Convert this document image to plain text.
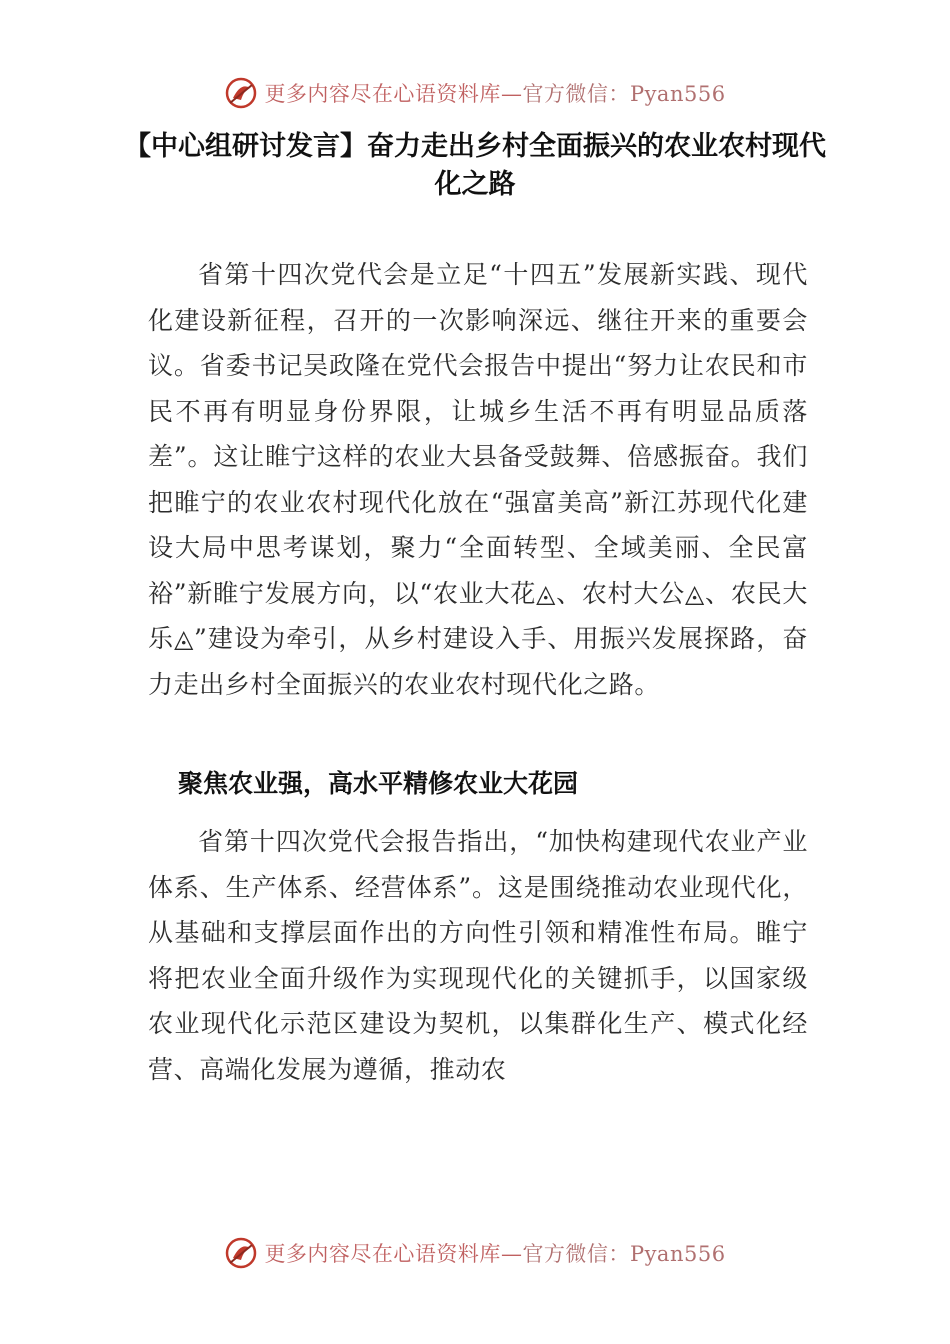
更多内容尽在心语资料库—官方微信：Pyan556
【中心组研讨发言】奋力走出乡村全面振兴的农业农村现代化之路

省第十四次党代会是立足“十四五”发展新实践、现代化建设新征程，召开的一次影响深远、继往开来的重要会议。省委书记吴政隆在党代会报告中提出“努力让农民和市民不再有明显身份界限，让城乡生活不再有明显品质落差”。这让睢宁这样的农业大县备受鼓舞、倍感振奋。我们把睢宁的农业农村现代化放在“强富美高”新江苏现代化建设大局中思考谋划，聚力“全面转型、全域美丽、全民富裕”新睢宁发展方向，以“农业大花◬、农村大公◬、农民大乐◬”建设为牵引，从乡村建设入手、用振兴发展探路，奋力走出乡村全面振兴的农业农村现代化之路。

聚焦农业强，高水平精修农业大花园

省第十四次党代会报告指出，“加快构建现代农业产业体系、生产体系、经营体系”。这是围绕推动农业现代化，从基础和支撑层面作出的方向性引领和精准性布局。睢宁将把农业全面升级作为实现现代化的关键抓手，以国家级农业现代化示范区建设为契机，以集群化生产、模式化经营、高端化发展为遵循，推动农

更多内容尽在心语资料库—官方微信：Pyan556
